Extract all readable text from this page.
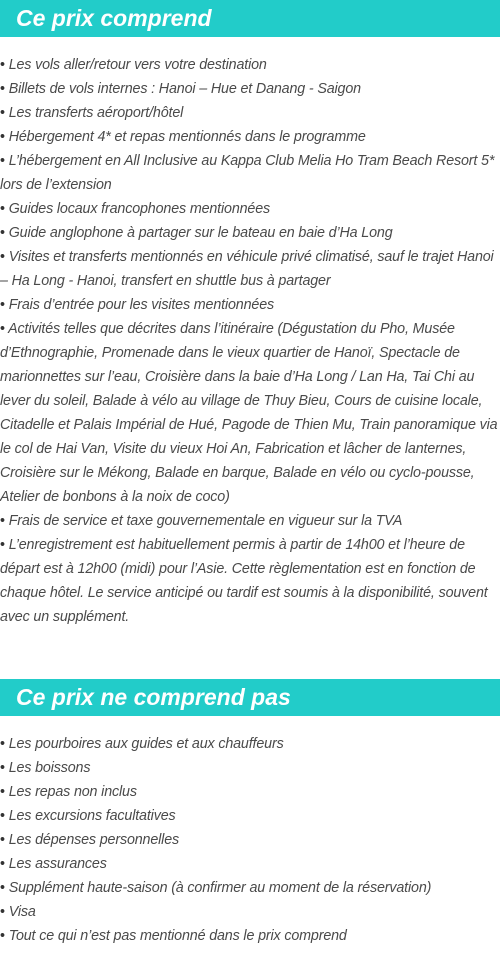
Ce prix comprend
• Les vols aller/retour vers votre destination
• Billets de vols internes : Hanoi – Hue et Danang - Saigon
• Les transferts aéroport/hôtel
• Hébergement 4* et repas mentionnés dans le programme
• L’hébergement en All Inclusive au Kappa Club Melia Ho Tram Beach Resort 5* lors de l’extension
• Guides locaux francophones mentionnées
• Guide anglophone à partager sur le bateau en baie d’Ha Long
• Visites et transferts mentionnés en véhicule privé climatisé, sauf le trajet Hanoi – Ha Long - Hanoi, transfert en shuttle bus à partager
• Frais d’entrée pour les visites mentionnées
• Activités telles que décrites dans l’itinéraire (Dégustation du Pho, Musée d’Ethnographie, Promenade dans le vieux quartier de Hanoï, Spectacle de marionnettes sur l’eau, Croisière dans la baie d’Ha Long / Lan Ha, Tai Chi au lever du soleil, Balade à vélo au village de Thuy Bieu, Cours de cuisine locale, Citadelle et Palais Impérial de Hué, Pagode de Thien Mu, Train panoramique via le col de Hai Van, Visite du vieux Hoi An, Fabrication et lâcher de lanternes, Croisière sur le Mékong, Balade en barque, Balade en vélo ou cyclo-pousse, Atelier de bonbons à la noix de coco)
• Frais de service et taxe gouvernementale en vigueur sur la TVA
• L’enregistrement est habituellement permis à partir de 14h00 et l’heure de départ est à 12h00 (midi) pour l’Asie. Cette règlementation est en fonction de chaque hôtel. Le service anticipé ou tardif est soumis à la disponibilité, souvent avec un supplément.
Ce prix ne comprend pas
• Les pourboires aux guides et aux chauffeurs
• Les boissons
• Les repas non inclus
• Les excursions facultatives
• Les dépenses personnelles
• Les assurances
• Supplément haute-saison (à confirmer au moment de la réservation)
• Visa
• Tout ce qui n’est pas mentionné dans le prix comprend
